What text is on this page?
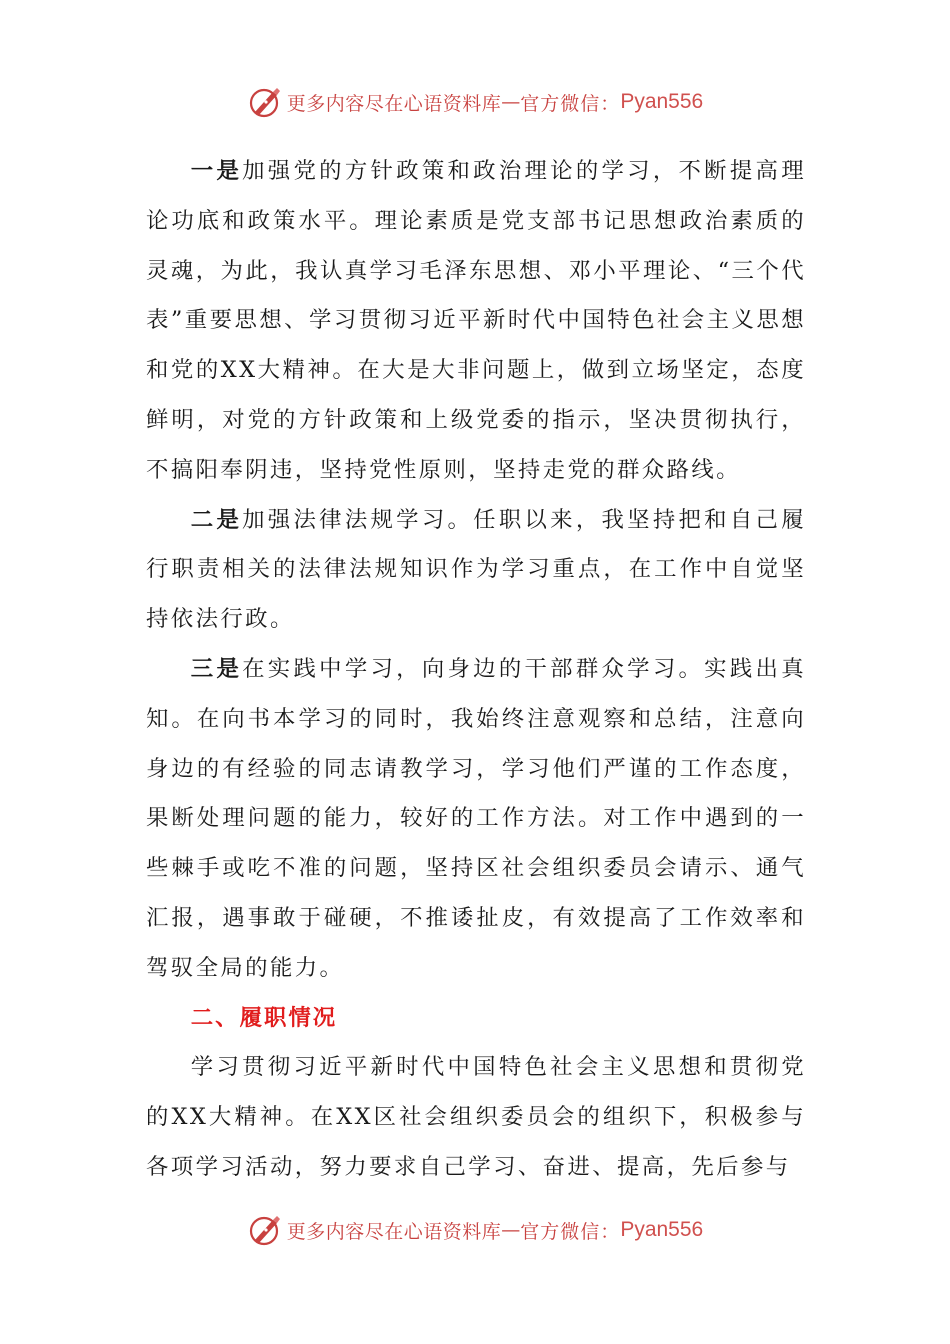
更多内容尽在心语资料库 — 官方微信： Pyan556

一是加强党的方针政策和政治理论的学习，不断提高理论功底和政策水平。理论素质是党支部书记思想政治素质的灵魂，为此，我认真学习毛泽东思想、邓小平理论、“三个代表”重要思想、学习贯彻习近平新时代中国特色社会主义思想和党的XX大精神。在大是大非问题上，做到立场坚定，态度鲜明，对党的方针政策和上级党委的指示，坚决贯彻执行，不搞阳奉阴违，坚持党性原则，坚持走党的群众路线。

二是加强法律法规学习。任职以来，我坚持把和自己履行职责相关的法律法规知识作为学习重点，在工作中自觉坚持依法行政。

三是在实践中学习，向身边的干部群众学习。实践出真知。在向书本学习的同时，我始终注意观察和总结，注意向身边的有经验的同志请教学习，学习他们严谨的工作态度，果断处理问题的能力，较好的工作方法。对工作中遇到的一些棘手或吃不准的问题，坚持区社会组织委员会请示、通气汇报，遇事敢于碰硬，不推诿扯皮，有效提高了工作效率和驾驭全局的能力。

二、履职情况

学习贯彻习近平新时代中国特色社会主义思想和贯彻党的XX大精神。在XX区社会组织委员会的组织下，积极参与各项学习活动，努力要求自己学习、奋进、提高，先后参与

更多内容尽在心语资料库 — 官方微信： Pyan556
